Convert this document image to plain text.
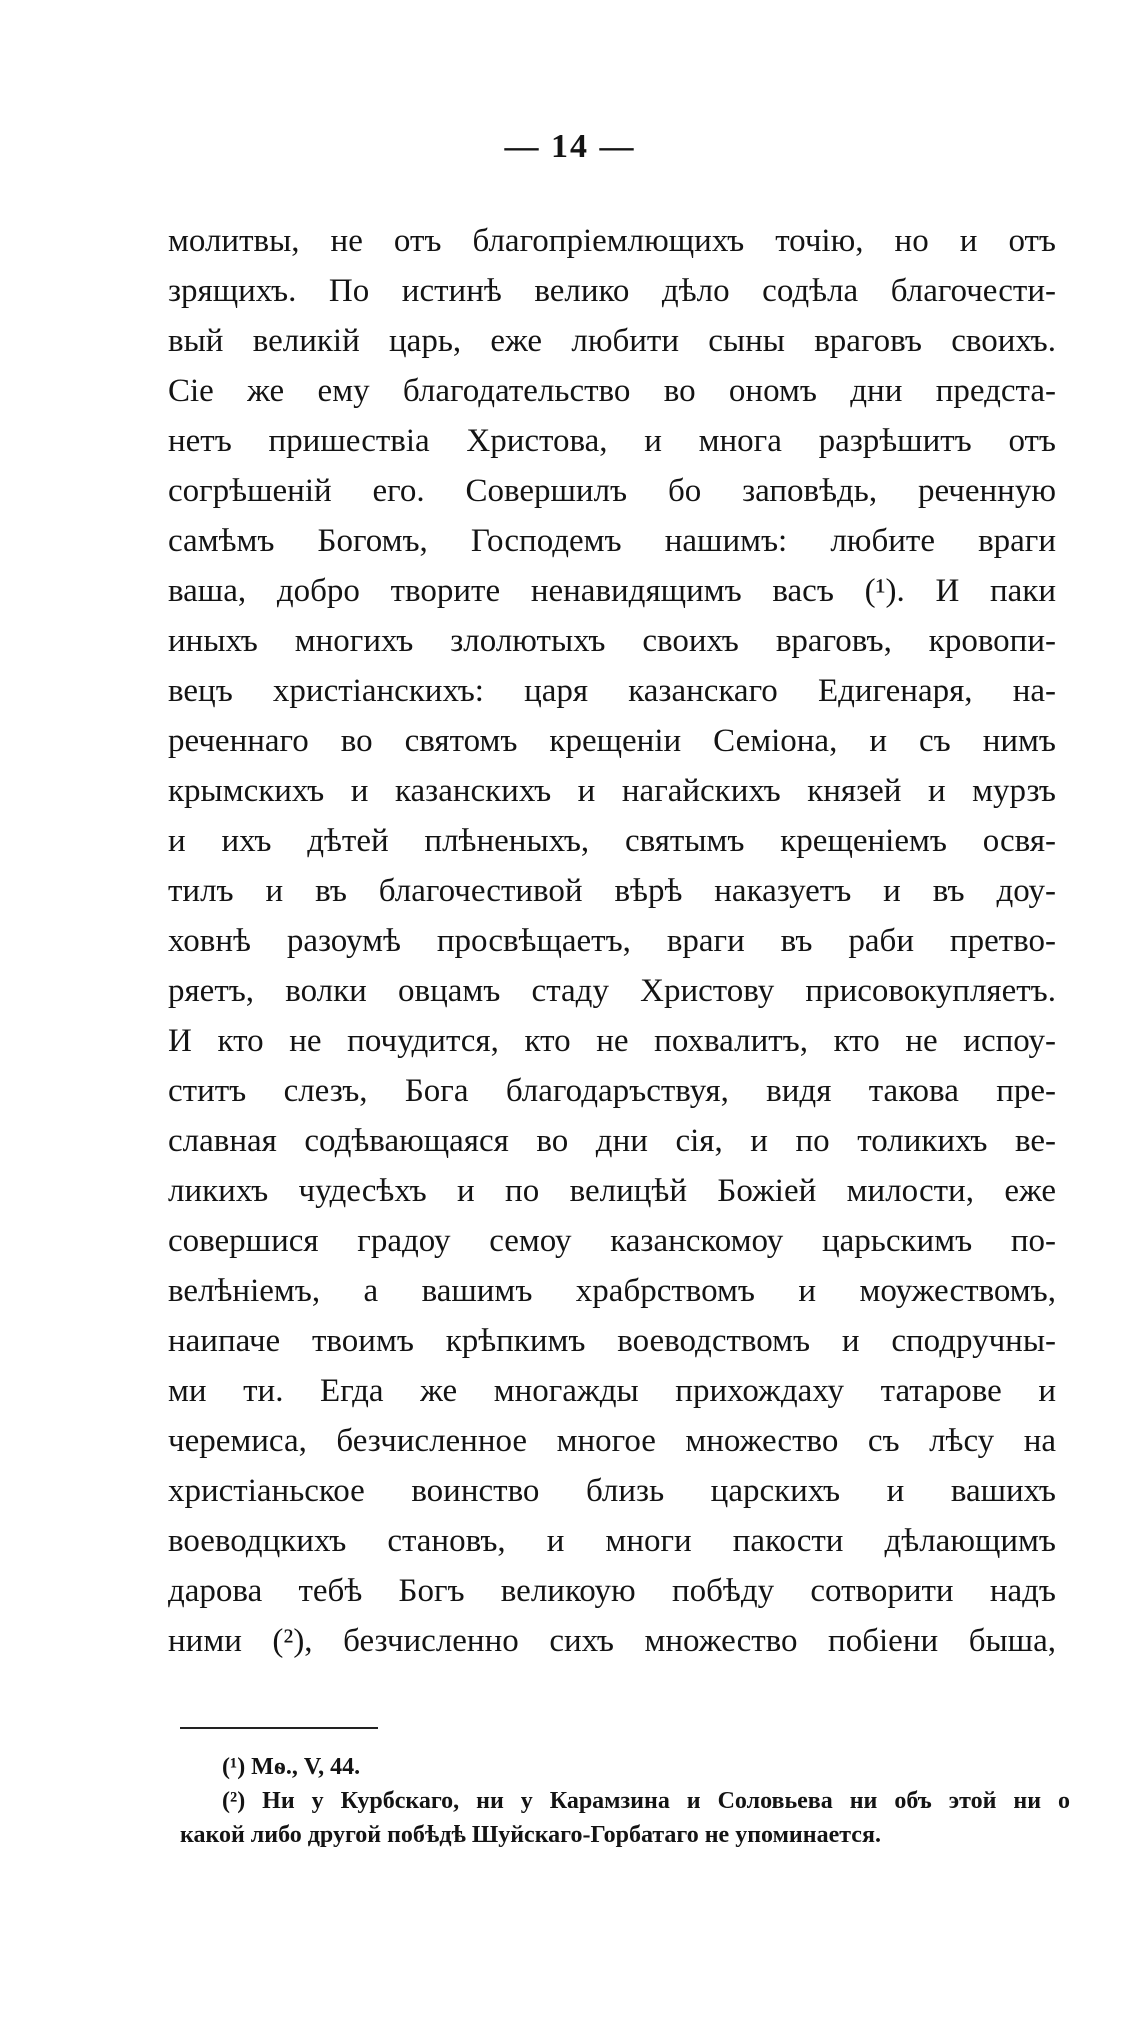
— 14 —
молитвы, не отъ благопріемлющихъ точію, но и отъ
зрящихъ. По истинѣ велико дѣло содѣла благочести-
вый великій царь, еже любити сыны враговъ своихъ.
Сіе же ему благодательство во ономъ дни предста-
нетъ пришествіа Христова, и многа разрѣшитъ отъ
согрѣшеній его. Совершилъ бо заповѣдь, реченную
самѣмъ Богомъ, Господемъ нашимъ: любите враги
ваша, добро творите ненавидящимъ васъ (¹). И паки
иныхъ многихъ злолютыхъ своихъ враговъ, кровопи-
вецъ христіанскихъ: царя казанскаго Едигенаря, на-
реченнаго во святомъ крещеніи Семіона, и съ нимъ
крымскихъ и казанскихъ и нагайскихъ князей и мурзъ
и ихъ дѣтей плѣненыхъ, святымъ крещеніемъ освя-
тилъ и въ благочестивой вѣрѣ наказуетъ и въ доу-
ховнѣ разоумѣ просвѣщаетъ, враги въ раби претво-
ряетъ, волки овцамъ стаду Христову присовокупляетъ.
И кто не почудится, кто не похвалитъ, кто не испоу-
ститъ слезъ, Бога благодаръствуя, видя такова пре-
славная содѣвающаяся во дни сія, и по толикихъ ве-
ликихъ чудесѣхъ и по велицѣй Божіей милости, еже
совершися градоу семоу казанскомоу царьскимъ по-
велѣніемъ, а вашимъ храбрствомъ и моужествомъ,
наипаче твоимъ крѣпкимъ воеводствомъ и сподручны-
ми ти. Егда же многажды прихождаху татарове и
черемиса, безчисленное многое множество съ лѣсу на
христіаньское воинство близь царскихъ и вашихъ
воеводцкихъ становъ, и многи пакости дѣлающимъ
дарова тебѣ Богъ великоую побѣду сотворити надъ
ними (²), безчисленно сихъ множество побіени быша,
(¹) Мѳ., V, 44.
(²) Ни у Курбскаго, ни у Карамзина и Соловьева ни объ этой ни о
какой либо другой побѣдѣ Шуйскаго-Горбатаго не упоминается.
